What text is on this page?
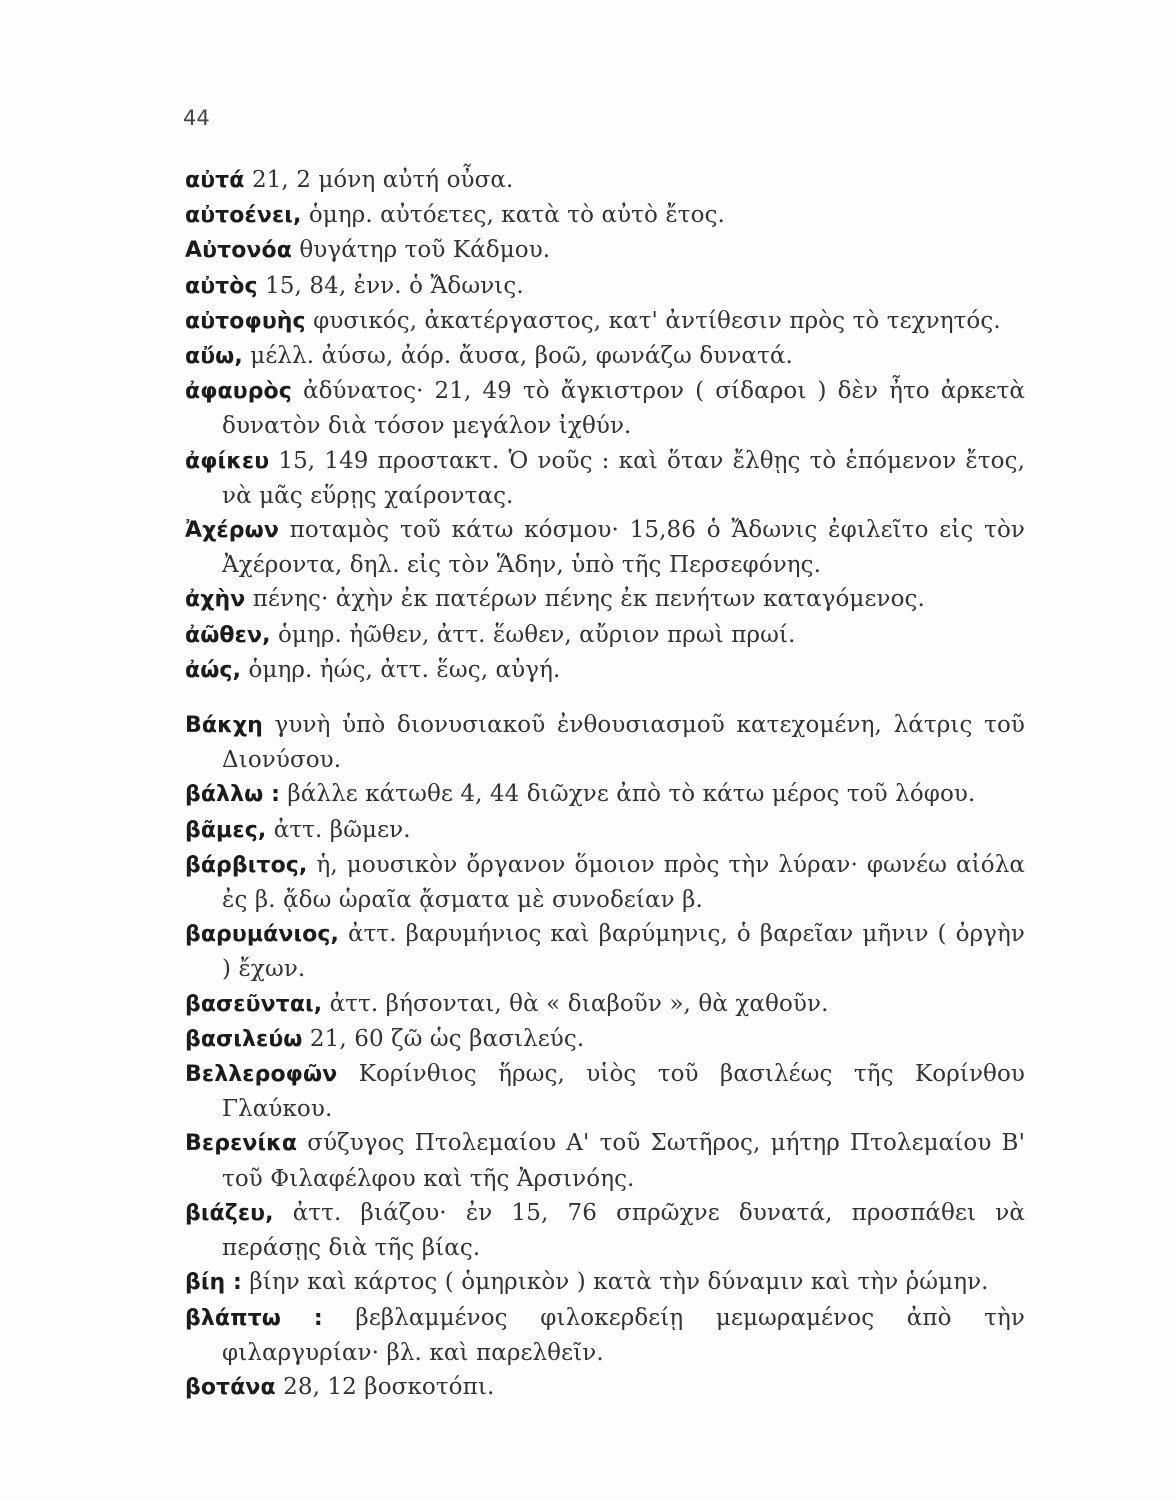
44
αὐτά 21, 2 μόνη αὐτή οὖσα.
αὐτοένει, ὁμηρ. αὐτόετες, κατὰ τὸ αὐτὸ ἔτος.
Αὐτονόα θυγάτηρ τοῦ Κάδμου.
αὐτὸς 15, 84, ἐνν. ὁ Ἄδωνις.
αὐτοφυὴς φυσικός, ἀκατέργαστος, κατ' ἀντίθεσιν πρὸς τὸ τεχνητός.
αὔω, μέλλ. ἀύσω, ἀόρ. ἄυσα, βοῶ, φωνάζω δυνατά.
ἀφαυρὸς ἀδύνατος· 21, 49 τὸ ἄγκιστρον ( σίδαροι ) δὲν ἦτο ἀρκετὰ δυνατὸν διὰ τόσον μεγάλον ἰχθύν.
ἀφίκευ 15, 149 προστακτ. Ὁ νοῦς : καὶ ὅταν ἔλθῃς τὸ ἑπόμενον ἔτος, νὰ μᾶς εὕρῃς χαίροντας.
Ἀχέρων ποταμὸς τοῦ κάτω κόσμου· 15,86 ὁ Ἄδωνις ἐφιλεῖτο εἰς τὸν Ἀχέροντα, δηλ. εἰς τὸν Ἅδην, ὑπὸ τῆς Περσεφόνης.
ἀχὴν πένης· ἀχὴν ἐκ πατέρων πένης ἐκ πενήτων καταγόμενος.
ἀῶθεν, ὁμηρ. ἠῶθεν, ἀττ. ἕωθεν, αὔριον πρωὶ πρωί.
ἀώς, ὁμηρ. ἠώς, ἀττ. ἕως, αὐγή.
Βάκχη γυνὴ ὑπὸ διονυσιακοῦ ἐνθουσιασμοῦ κατεχομένη, λάτρις τοῦ Διονύσου.
βάλλω : βάλλε κάτωθε 4, 44 διῶχνε ἀπὸ τὸ κάτω μέρος τοῦ λόφου.
βᾶμες, ἀττ. βῶμεν.
βάρβιτος, ἡ, μουσικὸν ὄργανον ὅμοιον πρὸς τὴν λύραν· φωνέω αἰόλα ἐς β. ᾄδω ὡραῖα ᾄσματα μὲ συνοδείαν β.
βαρυμάνιος, ἀττ. βαρυμήνιος καὶ βαρύμηνις, ὁ βαρεῖαν μῆνιν ( ὀργὴν ) ἔχων.
βασεῦνται, ἀττ. βήσονται, θὰ « διαβοῦν », θὰ χαθοῦν.
βασιλεύω 21, 60 ζῶ ὡς βασιλεύς.
Βελλεροφῶν Κορίνθιος ἥρως, υἱὸς τοῦ βασιλέως τῆς Κορίνθου Γλαύκου.
Βερενίκα σύζυγος Πτολεμαίου Α' τοῦ Σωτῆρος, μήτηρ Πτολεμαίου Β' τοῦ Φιλαφέλφου καὶ τῆς Ἀρσινόης.
βιάζευ, ἀττ. βιάζου· ἐν 15, 76 σπρῶχνε δυνατά, προσπάθει νὰ περάσῃς διὰ τῆς βίας.
βίη : βίην καὶ κάρτος ( ὁμηρικὸν ) κατὰ τὴν δύναμιν καὶ τὴν ῥώμην.
βλάπτω : βεβλαμμένος φιλοκερδείῃ μεμωραμένος ἀπὸ τὴν φιλαργυρίαν· βλ. καὶ παρελθεῖν.
βοτάνα 28, 12 βοσκοτόπι.
